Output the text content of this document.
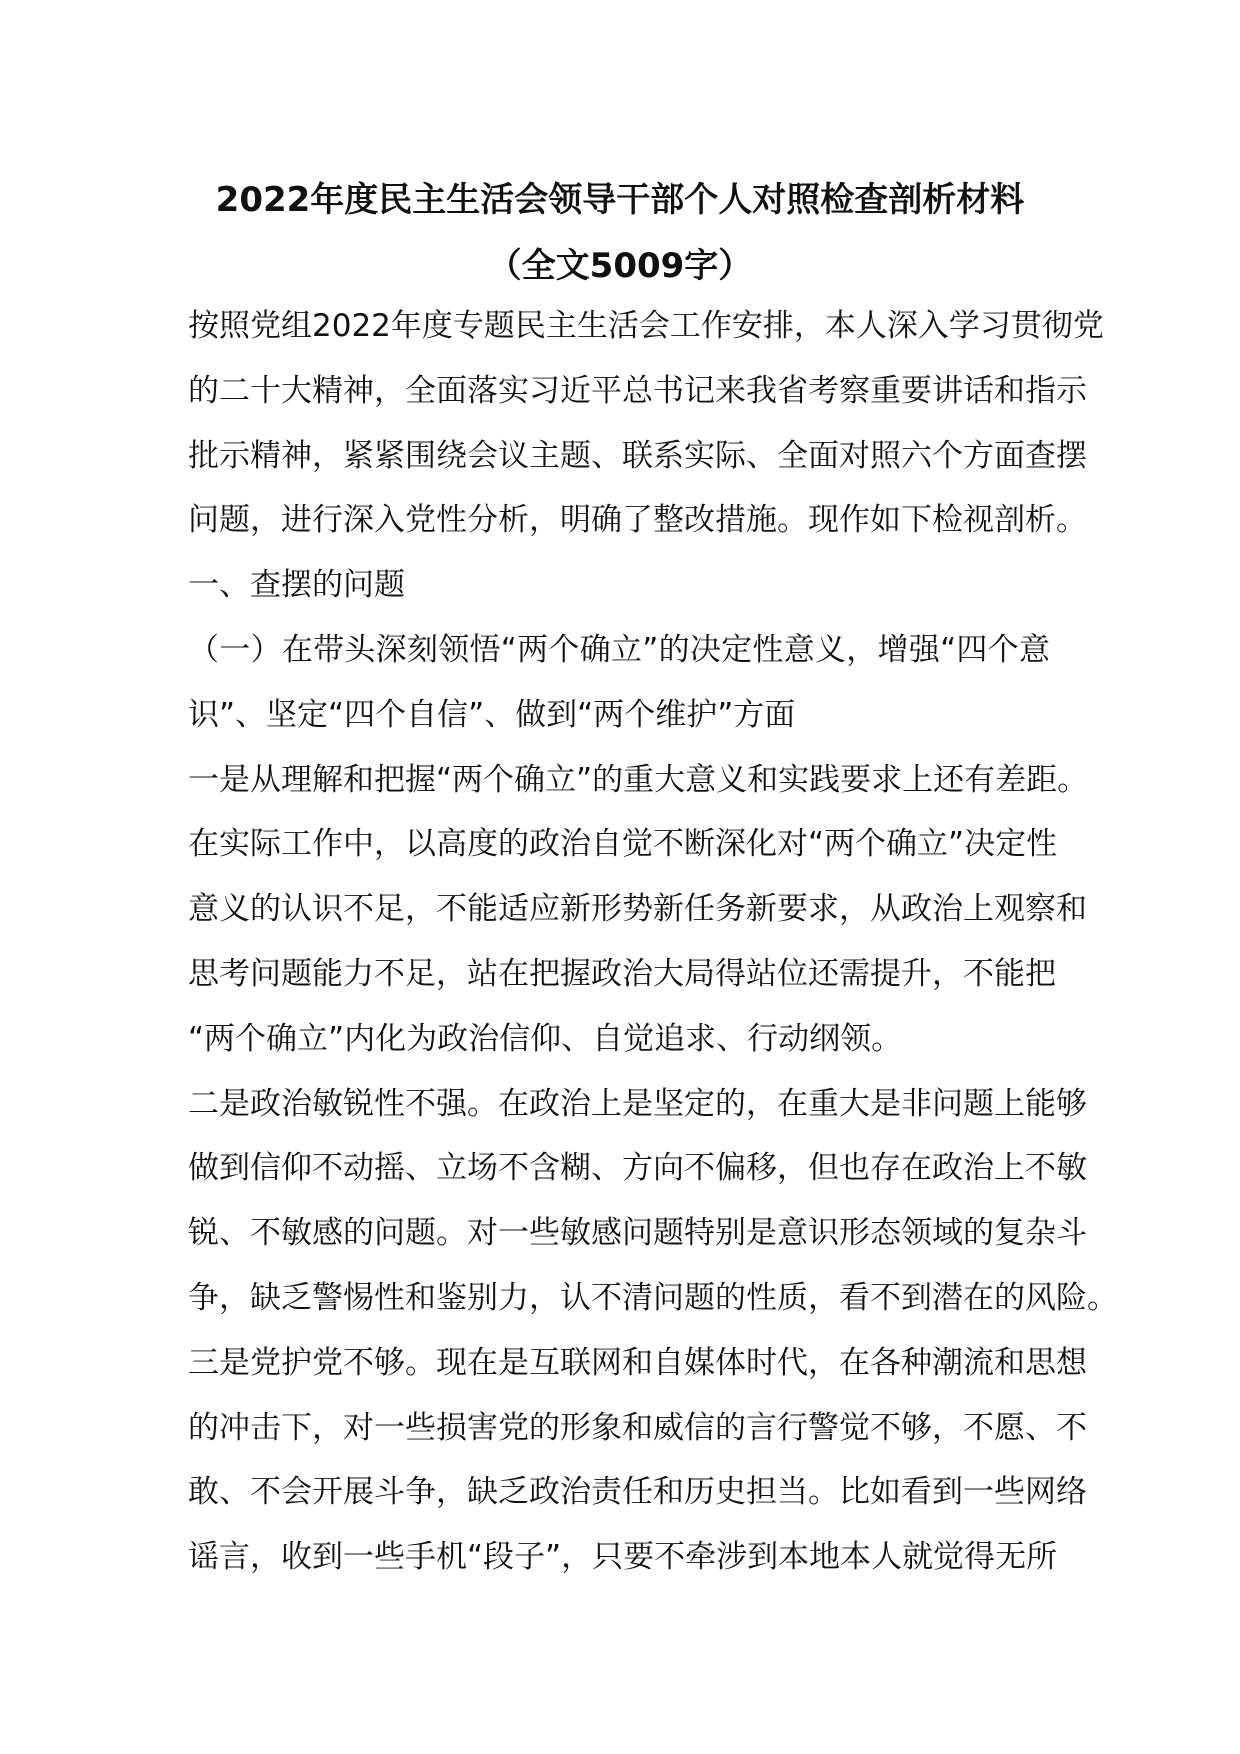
2022年度民主生活会领导干部个人对照检查剖析材料
（全文5009字）
按照党组2022年度专题民主生活会工作安排，本人深入学习贯彻党
的二十大精神，全面落实习近平总书记来我省考察重要讲话和指示
批示精神，紧紧围绕会议主题、联系实际、全面对照六个方面查摆
问题，进行深入党性分析，明确了整改措施。现作如下检视剖析。
一、查摆的问题
（一）在带头深刻领悟“两个确立”的决定性意义，增强“四个意
识”、坚定“四个自信”、做到“两个维护”方面
一是从理解和把握“两个确立”的重大意义和实践要求上还有差距。
在实际工作中，以高度的政治自觉不断深化对“两个确立”决定性
意义的认识不足，不能适应新形势新任务新要求，从政治上观察和
思考问题能力不足，站在把握政治大局得站位还需提升，不能把
“两个确立”内化为政治信仰、自觉追求、行动纲领。
二是政治敏锐性不强。在政治上是坚定的，在重大是非问题上能够
做到信仰不动摇、立场不含糊、方向不偏移，但也存在政治上不敏
锐、不敏感的问题。对一些敏感问题特别是意识形态领域的复杂斗
争，缺乏警惕性和鉴别力，认不清问题的性质，看不到潜在的风险。
三是党护党不够。现在是互联网和自媒体时代，在各种潮流和思想
的冲击下，对一些损害党的形象和威信的言行警觉不够，不愿、不
敢、不会开展斗争，缺乏政治责任和历史担当。比如看到一些网络
谣言，收到一些手机“段子”，只要不牵涉到本地本人就觉得无所
